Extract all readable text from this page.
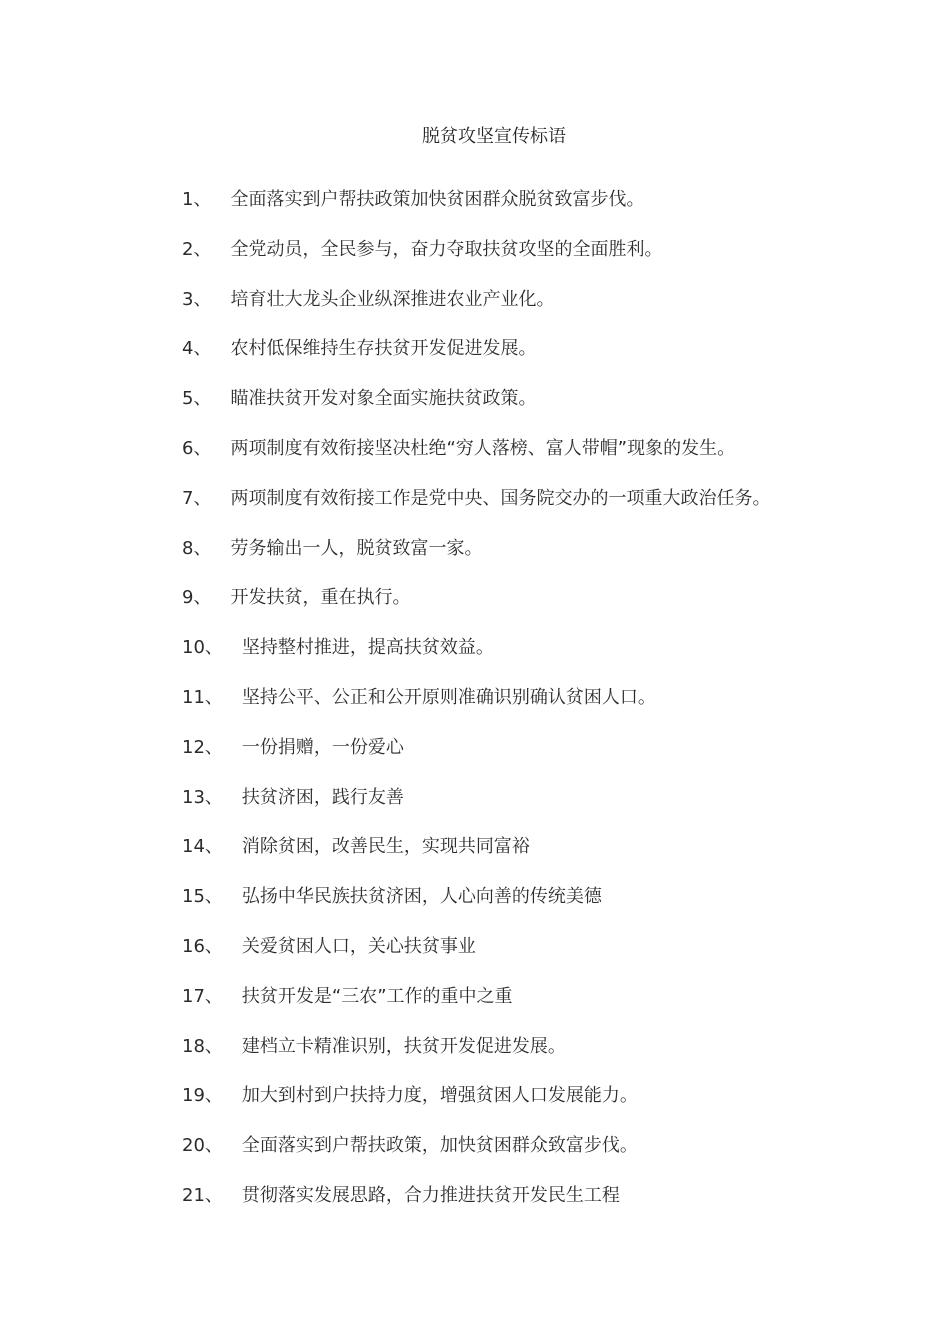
脱贫攻坚宣传标语
1 、	全面落实到户帮扶政策加快贫困群众脱贫致富步伐。
2 、	全党动员，全民参与，奋力夺取扶贫攻坚的全面胜利。
3 、	培育壮大龙头企业纵深推进农业产业化。
4 、	农村低保维持生存扶贫开发促进发展。
5 、	瞄准扶贫开发对象全面实施扶贫政策。
6 、	两项制度有效衔接坚决杜绝“穷人落榜、富人带帽”现象的发生。
7 、	两项制度有效衔接工作是党中央、国务院交办的一项重大政治任务。
8 、	劳务输出一人，脱贫致富一家。
9 、	开发扶贫，重在执行。
10 、	坚持整村推进，提高扶贫效益。
11 、	坚持公平、公正和公开原则准确识别确认贫困人口。
12 、	一份捐赠，一份爱心
13 、	扶贫济困，践行友善
14 、	消除贫困，改善民生，实现共同富裕
15 、	弘扬中华民族扶贫济困，人心向善的传统美德
16 、	关爱贫困人口，关心扶贫事业
17 、	扶贫开发是“三农”工作的重中之重
18 、	建档立卡精准识别，扶贫开发促进发展。
19 、	加大到村到户扶持力度，增强贫困人口发展能力。
20 、	全面落实到户帮扶政策，加快贫困群众致富步伐。
21 、	贯彻落实发展思路，合力推进扶贫开发民生工程
